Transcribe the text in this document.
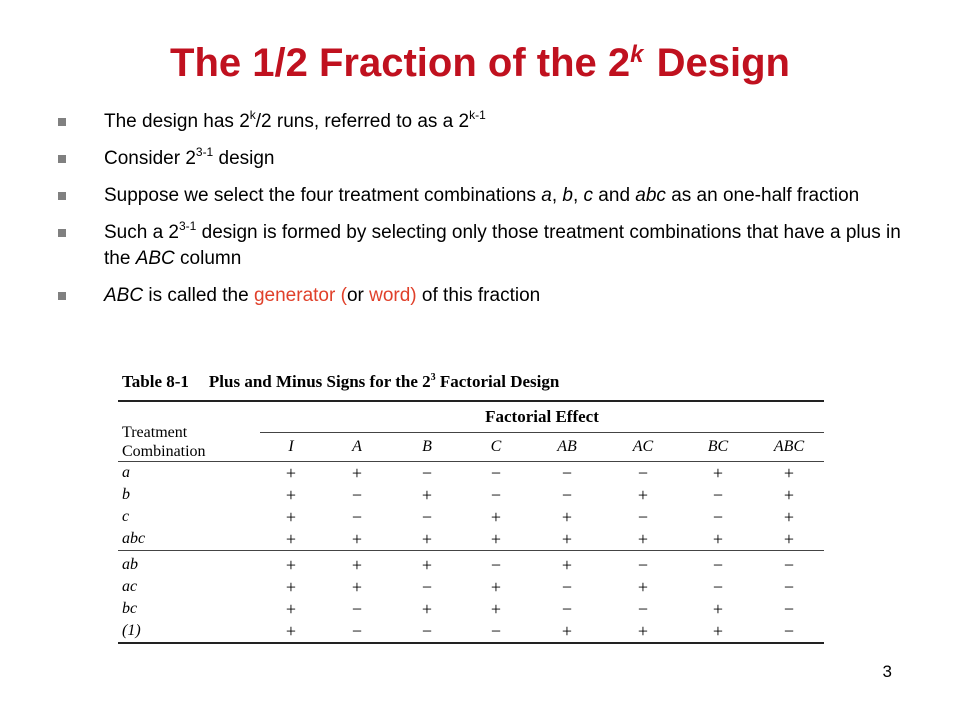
The 1/2 Fraction of the 2$^k$ Design
The design has 2$^k$/2 runs, referred to as a 2$^{k-1}$
Consider 2$^{3-1}$ design
Suppose we select the four treatment combinations a, b, c and abc as an one-half fraction
Such a 2$^{3-1}$ design is formed by selecting only those treatment combinations that have a plus in the ABC column
ABC is called the generator (or word) of this fraction
Table 8-1 Plus and Minus Signs for the $2^3$ Factorial Design
Treatment
Combination	Factorial Effect							
	I	A	B	C	AB	AC	BC	ABC
a	+	+	−	−	−	−	+	+
b	+	−	+	−	−	+	−	+
c	+	−	−	+	+	−	−	+
abc	+	+	+	+	+	+	+	+

ab	+	+	+	−	+	−	−	−
ac	+	+	−	+	−	+	−	−
bc	+	−	+	+	−	−	+	−
(1)	+	−	−	−	+	+	+	−
3
